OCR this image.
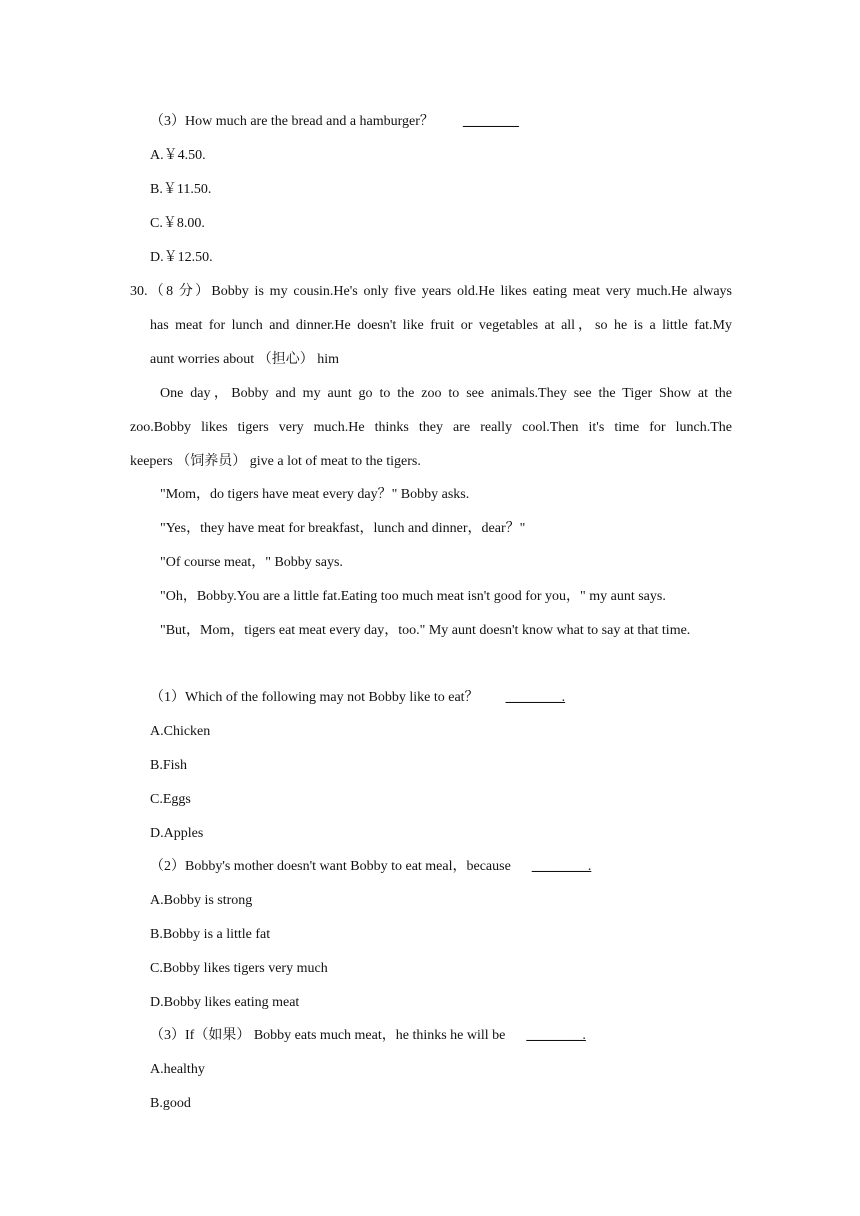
（3）How much are the bread and a hamburger？ ________
A.￥4.50.
B.￥11.50.
C.￥8.00.
D.￥12.50.
30.（8 分）Bobby is my cousin.He's only five years old.He likes eating meat very much.He always
has meat for lunch and dinner.He doesn't like fruit or vegetables at all，so he is a little fat.My
aunt worries about （担心） him
One day，Bobby and my aunt go to the zoo to see animals.They see the Tiger Show at the
zoo.Bobby likes tigers very much.He thinks they are really cool.Then it's time for lunch.The
keepers （饲养员） give a lot of meat to the tigers.
"Mom，do tigers have meat every day？" Bobby asks.
"Yes，they have meat for breakfast，lunch and dinner，dear？"
"Of course meat，" Bobby says.
"Oh，Bobby.You are a little fat.Eating too much meat isn't good for you，" my aunt says.
"But，Mom，tigers eat meat every day，too." My aunt doesn't know what to say at that time.
（1）Which of the following may not Bobby like to eat？ ________.
A.Chicken
B.Fish
C.Eggs
D.Apples
（2）Bobby's mother doesn't want Bobby to eat meal，because ________.
A.Bobby is strong
B.Bobby is a little fat
C.Bobby likes tigers very much
D.Bobby likes eating meat
（3）If（如果） Bobby eats much meat，he thinks he will be ________.
A.healthy
B.good
